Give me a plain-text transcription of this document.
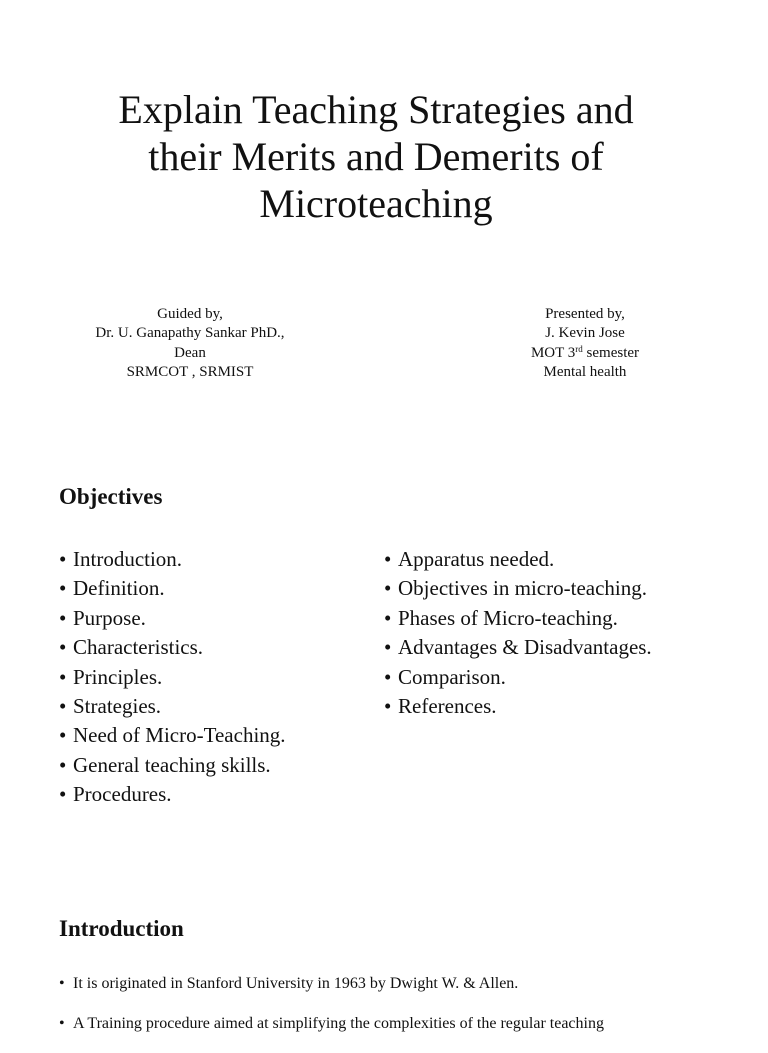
Explain Teaching Strategies and
their Merits and Demerits of
Microteaching
Guided by,
Dr. U. Ganapathy Sankar PhD.,
Dean
SRMCOT , SRMIST
Presented by,
J. Kevin Jose
MOT 3rd semester
Mental health
Objectives
• Introduction.
• Definition.
• Purpose.
• Characteristics.
• Principles.
• Strategies.
• Need of Micro-Teaching.
• General teaching skills.
• Procedures.
• Apparatus needed.
• Objectives in micro-teaching.
• Phases of Micro-teaching.
• Advantages & Disadvantages.
• Comparison.
• References.
Introduction
• It is originated in Stanford University in 1963 by Dwight W. & Allen.
• A Training procedure aimed at simplifying the complexities of the regular teaching
